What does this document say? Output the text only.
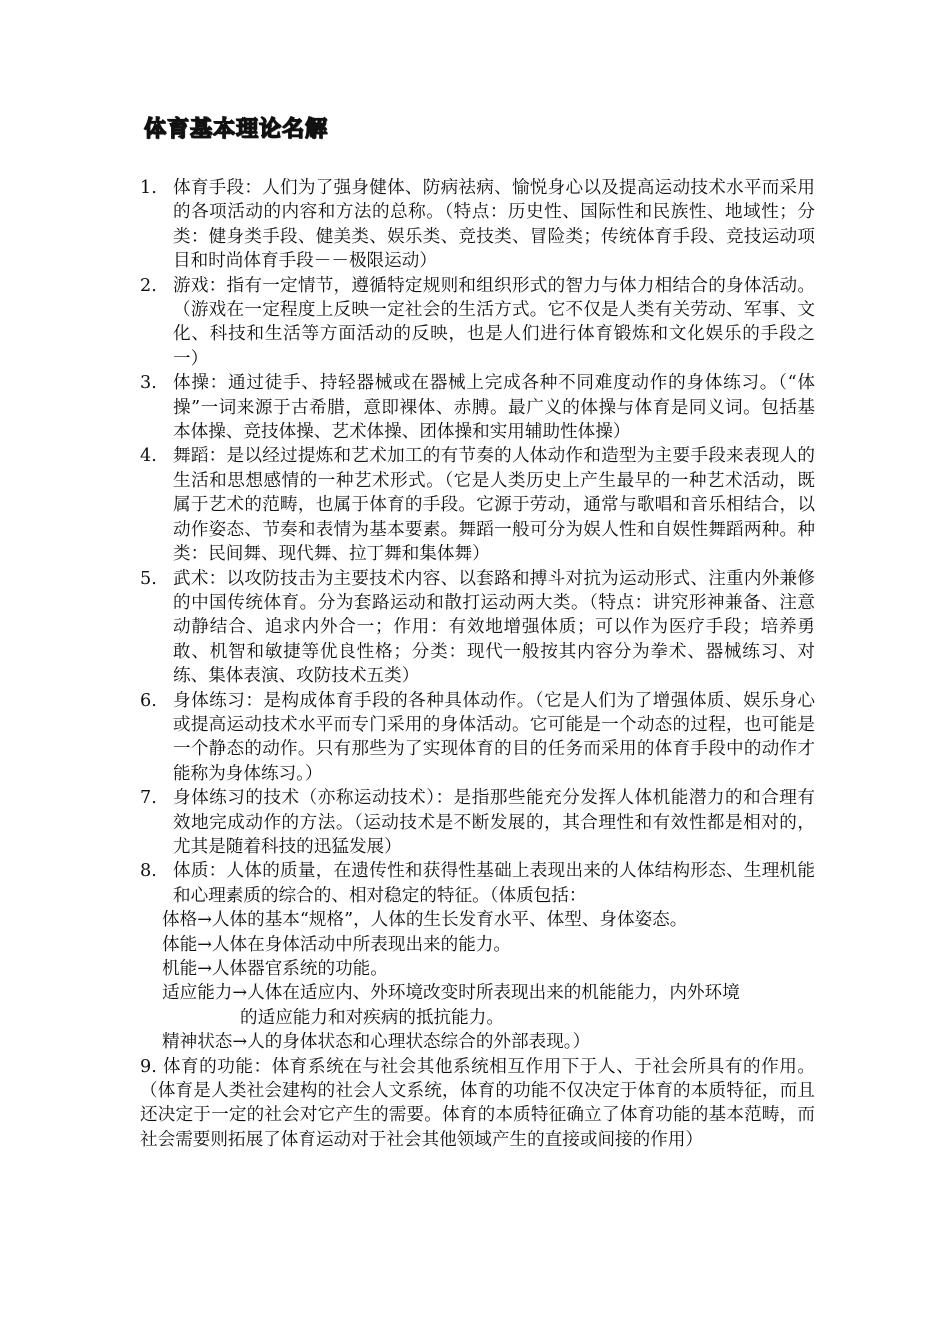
体育基本理论名解
1. 体育手段：人们为了强身健体、防病祛病、愉悦身心以及提高运动技术水平而采用的各项活动的内容和方法的总称。（特点：历史性、国际性和民族性、地域性；分类：健身类手段、健美类、娱乐类、竞技类、冒险类；传统体育手段、竞技运动项目和时尚体育手段－－极限运动）
2. 游戏：指有一定情节，遵循特定规则和组织形式的智力与体力相结合的身体活动。（游戏在一定程度上反映一定社会的生活方式。它不仅是人类有关劳动、军事、文化、科技和生活等方面活动的反映，也是人们进行体育锻炼和文化娱乐的手段之一）
3. 体操：通过徒手、持轻器械或在器械上完成各种不同难度动作的身体练习。（“体操”一词来源于古希腊，意即裸体、赤膊。最广义的体操与体育是同义词。包括基本体操、竞技体操、艺术体操、团体操和实用辅助性体操）
4. 舞蹈：是以经过提炼和艺术加工的有节奏的人体动作和造型为主要手段来表现人的生活和思想感情的一种艺术形式。（它是人类历史上产生最早的一种艺术活动，既属于艺术的范畴，也属于体育的手段。它源于劳动，通常与歌唱和音乐相结合，以动作姿态、节奏和表情为基本要素。舞蹈一般可分为娱人性和自娱性舞蹈两种。种类：民间舞、现代舞、拉丁舞和集体舞）
5. 武术：以攻防技击为主要技术内容、以套路和搏斗对抗为运动形式、注重内外兼修的中国传统体育。分为套路运动和散打运动两大类。（特点：讲究形神兼备、注意动静结合、追求内外合一；作用：有效地增强体质；可以作为医疗手段；培养勇敢、机智和敏捷等优良性格；分类：现代一般按其内容分为拳术、器械练习、对练、集体表演、攻防技术五类）
6. 身体练习：是构成体育手段的各种具体动作。（它是人们为了增强体质、娱乐身心或提高运动技术水平而专门采用的身体活动。它可能是一个动态的过程，也可能是一个静态的动作。只有那些为了实现体育的目的任务而采用的体育手段中的动作才能称为身体练习。）
7. 身体练习的技术（亦称运动技术）：是指那些能充分发挥人体机能潜力的和合理有效地完成动作的方法。（运动技术是不断发展的，其合理性和有效性都是相对的，尤其是随着科技的迅猛发展）
8. 体质：人体的质量，在遗传性和获得性基础上表现出来的人体结构形态、生理机能和心理素质的综合的、相对稳定的特征。（体质包括：
体格→人体的基本“规格”，人体的生长发育水平、体型、身体姿态。
体能→人体在身体活动中所表现出来的能力。
机能→人体器官系统的功能。
适应能力→人体在适应内、外环境改变时所表现出来的机能能力，内外环境
的适应能力和对疾病的抵抗能力。
精神状态→人的身体状态和心理状态综合的外部表现。）
9. 体育的功能：体育系统在与社会其他系统相互作用下于人、于社会所具有的作用。（体育是人类社会建构的社会人文系统，体育的功能不仅决定于体育的本质特征，而且还决定于一定的社会对它产生的需要。体育的本质特征确立了体育功能的基本范畴，而社会需要则拓展了体育运动对于社会其他领域产生的直接或间接的作用）
